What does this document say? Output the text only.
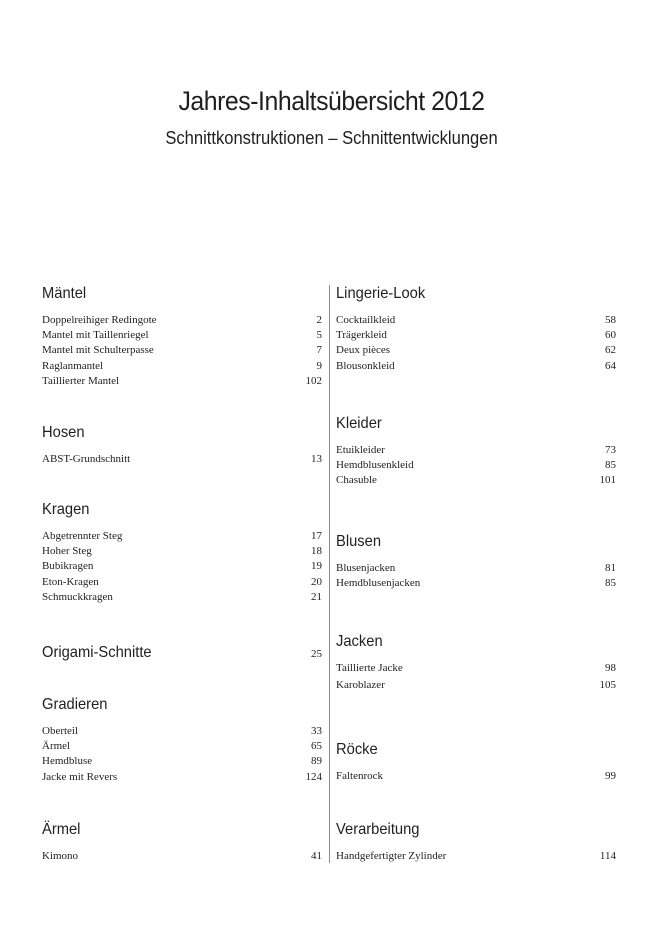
Jahres-Inhaltsübersicht 2012
Schnittkonstruktionen – Schnittentwicklungen
Mäntel
Doppelreihiger Redingote	2
Mantel mit Taillenriegel	5
Mantel mit Schulterpasse	7
Raglanmantel	9
Taillierter Mantel	102
Hosen
ABST-Grundschnitt	13
Kragen
Abgetrennter Steg	17
Hoher Steg	18
Bubikragen	19
Eton-Kragen	20
Schmuckkragen	21
Origami-Schnitte	25
Gradieren
Oberteil	33
Ärmel	65
Hemdbluse	89
Jacke mit Revers	124
Ärmel
Kimono	41
Lingerie-Look
Cocktailkleid	58
Trägerkleid	60
Deux pièces	62
Blousonkleid	64
Kleider
Etuikleider	73
Hemdblusenkleid	85
Chasuble	101
Blusen
Blusenjacken	81
Hemdblusenjacken	85
Jacken
Taillierte Jacke	98
Karoblazer	105
Röcke
Faltenrock	99
Verarbeitung
Handgefertigter Zylinder	114
